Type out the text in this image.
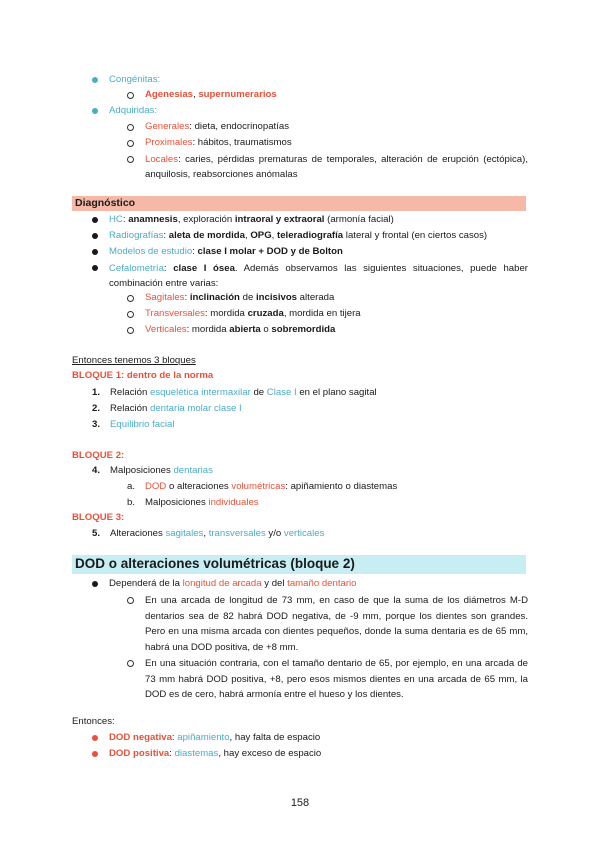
Congénitas:
Agenesias, supernumerarios
Adquiridas:
Generales: dieta, endocrinopatías
Proximales: hábitos, traumatismos
Locales: caries, pérdidas prematuras de temporales, alteración de erupción (ectópica), anquilosis, reabsorciones anómalas
Diagnóstico
HC: anamnesis, exploración intraoral y extraoral (armonía facial)
Radiografías: aleta de mordida, OPG, teleradiografía lateral y frontal (en ciertos casos)
Modelos de estudio: clase I molar + DOD y de Bolton
Cefalometría: clase I ósea. Además observamos las siguientes situaciones, puede haber combinación entre varias:
Sagitales: inclinación de incisivos alterada
Transversales: mordida cruzada, mordida en tijera
Verticales: mordida abierta o sobremordida
Entonces tenemos 3 bloques
BLOQUE 1: dentro de la norma
1. Relación esquelética intermaxilar de Clase I en el plano sagital
2. Relación dentaria molar clase I
3. Equilibrio facial
BLOQUE 2:
4. Malposiciones dentarias
a. DOD o alteraciones volumétricas: apiñamiento o diastemas
b. Malposiciones individuales
BLOQUE 3:
5. Alteraciones sagitales, transversales y/o verticales
DOD o alteraciones volumétricas (bloque 2)
Dependerá de la longitud de arcada y del tamaño dentario
En una arcada de longitud de 73 mm, en caso de que la suma de los diámetros M-D dentarios sea de 82 habrá DOD negativa, de -9 mm, porque los dientes son grandes. Pero en una misma arcada con dientes pequeños, donde la suma dentaria es de 65 mm, habrá una DOD positiva, de +8 mm.
En una situación contraria, con el tamaño dentario de 65, por ejemplo, en una arcada de 73 mm habrá DOD positiva, +8, pero esos mismos dientes en una arcada de 65 mm, la DOD es de cero, habrá armonía entre el hueso y los dientes.
Entonces:
DOD negativa: apiñamiento, hay falta de espacio
DOD positiva: diastemas, hay exceso de espacio
158
